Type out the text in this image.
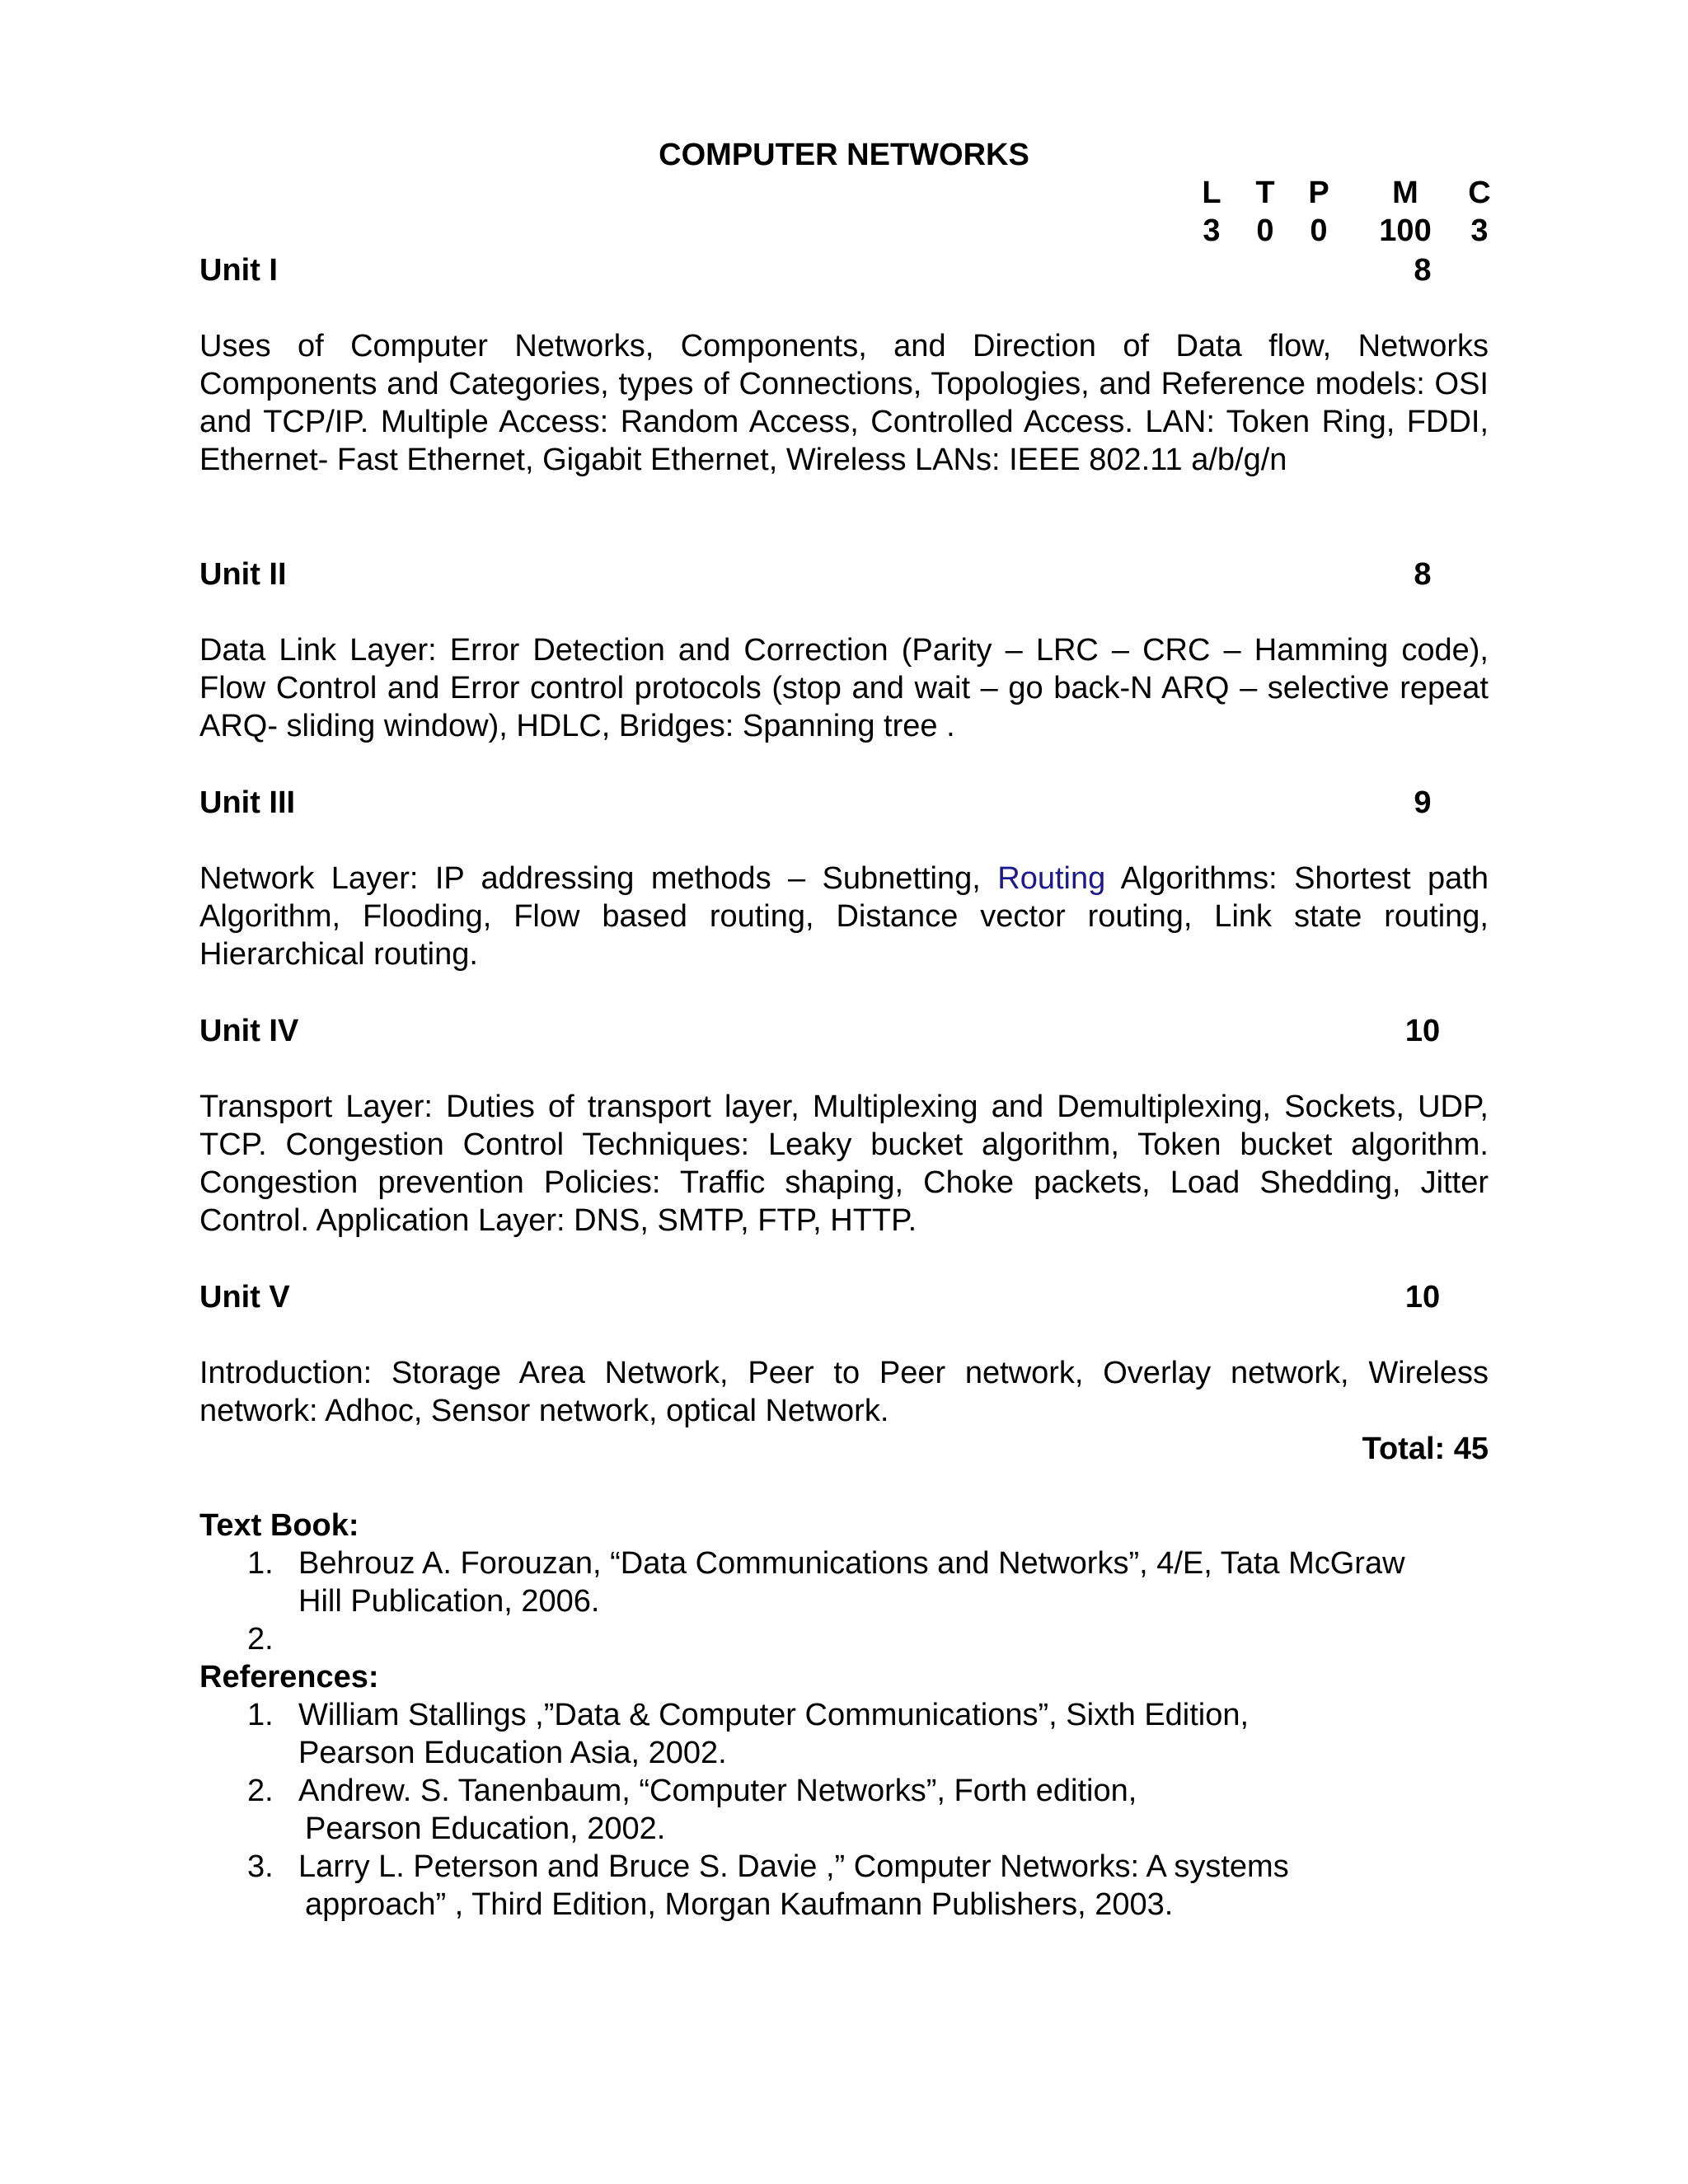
COMPUTER NETWORKS
L T P	M	C
3 0 0	100	3
Unit I	8
Uses of Computer Networks, Components, and Direction of Data flow, Networks Components and Categories, types of Connections, Topologies, and Reference models: OSI and TCP/IP. Multiple Access: Random Access, Controlled Access. LAN: Token Ring, FDDI, Ethernet- Fast Ethernet, Gigabit Ethernet, Wireless LANs: IEEE 802.11 a/b/g/n
Unit II	8
Data Link Layer: Error Detection and Correction (Parity – LRC – CRC – Hamming code), Flow Control and Error control protocols (stop and wait – go back-N ARQ – selective repeat ARQ- sliding window), HDLC, Bridges: Spanning tree .
Unit III	9
Network Layer: IP addressing methods – Subnetting, Routing Algorithms: Shortest path Algorithm, Flooding, Flow based routing, Distance vector routing, Link state routing, Hierarchical routing.
Unit IV	10
Transport Layer: Duties of transport layer, Multiplexing and Demultiplexing, Sockets, UDP, TCP. Congestion Control Techniques: Leaky bucket algorithm, Token bucket algorithm. Congestion prevention Policies: Traffic shaping, Choke packets, Load Shedding, Jitter Control. Application Layer: DNS, SMTP, FTP, HTTP.
Unit V	10
Introduction: Storage Area Network, Peer to Peer network, Overlay network, Wireless network: Adhoc, Sensor network, optical Network.
Total: 45
Text Book:
1. Behrouz A. Forouzan, “Data Communications and Networks”, 4/E, Tata McGraw
Hill Publication, 2006.
2.
References:
1. William Stallings ,”Data & Computer Communications”, Sixth Edition,
Pearson Education Asia, 2002.
2. Andrew. S. Tanenbaum, “Computer Networks”, Forth edition,
Pearson Education, 2002.
3. Larry L. Peterson and Bruce S. Davie ,” Computer Networks: A systems
approach” , Third Edition, Morgan Kaufmann Publishers, 2003.
